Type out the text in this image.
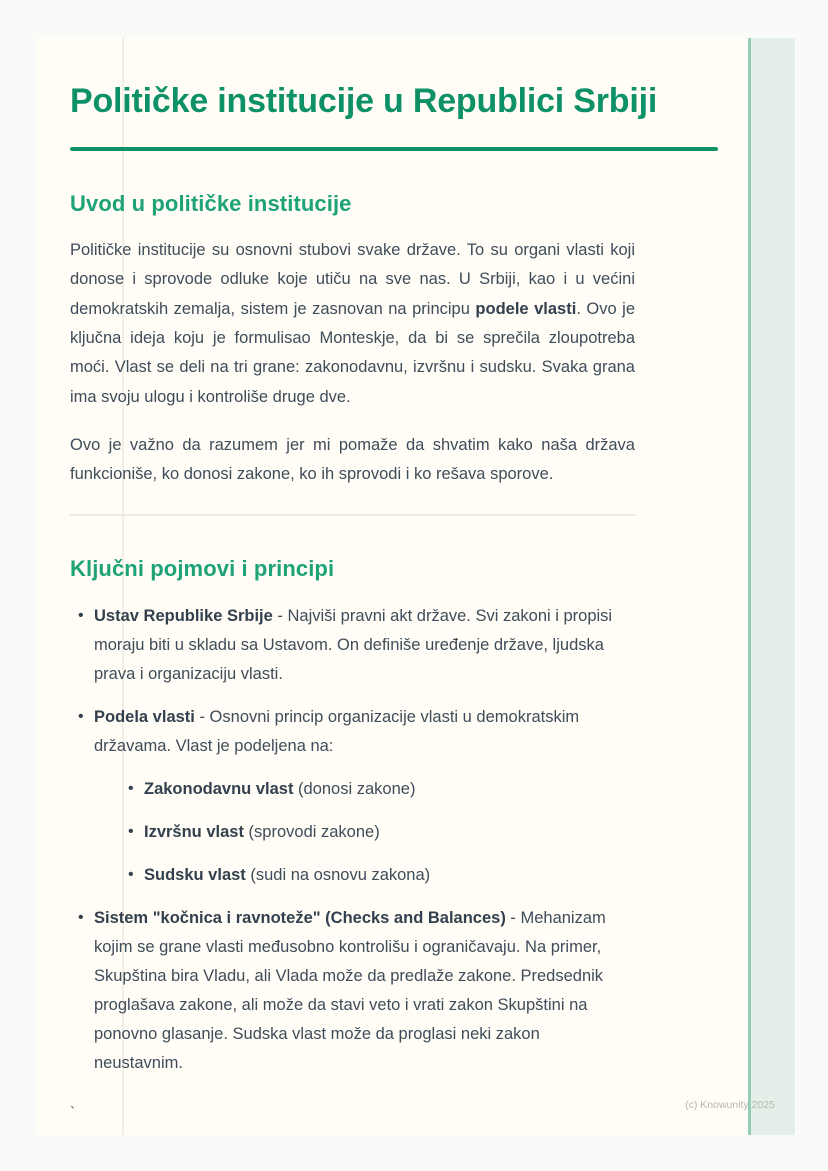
Političke institucije u Republici Srbiji
Uvod u političke institucije

Političke institucije su osnovni stubovi svake države. To su organi vlasti koji donose i sprovode odluke koje utiču na sve nas. U Srbiji, kao i u većini demokratskih zemalja, sistem je zasnovan na principu podele vlasti. Ovo je ključna ideja koju je formulisao Monteskje, da bi se sprečila zloupotreba moći. Vlast se deli na tri grane: zakonodavnu, izvršnu i sudsku. Svaka grana ima svoju ulogu i kontroliše druge dve.

Ovo je važno da razumem jer mi pomaže da shvatim kako naša država funkcioniše, ko donosi zakone, ko ih sprovodi i ko rešava sporove.

Ključni pojmovi i principi
• Ustav Republike Srbije - Najviši pravni akt države. Svi zakoni i propisi moraju biti u skladu sa Ustavom. On definiše uređenje države, ljudska prava i organizaciju vlasti.
• Podela vlasti - Osnovni princip organizacije vlasti u demokratskim državama. Vlast je podeljena na:
• Zakonodavnu vlast (donosi zakone)
• Izvršnu vlast (sprovodi zakone)
• Sudsku vlast (sudi na osnovu zakona)
• Sistem "kočnica i ravnoteže" (Checks and Balances) - Mehanizam kojim se grane vlasti međusobno kontrolišu i ograničavaju. Na primer, Skupština bira Vladu, ali Vlada može da predlaže zakone. Predsednik proglašava zakone, ali može da stavi veto i vrati zakon Skupštini na ponovno glasanje. Sudska vlast može da proglasi neki zakon neustavnim.
`	(c) Knowunity 2025
